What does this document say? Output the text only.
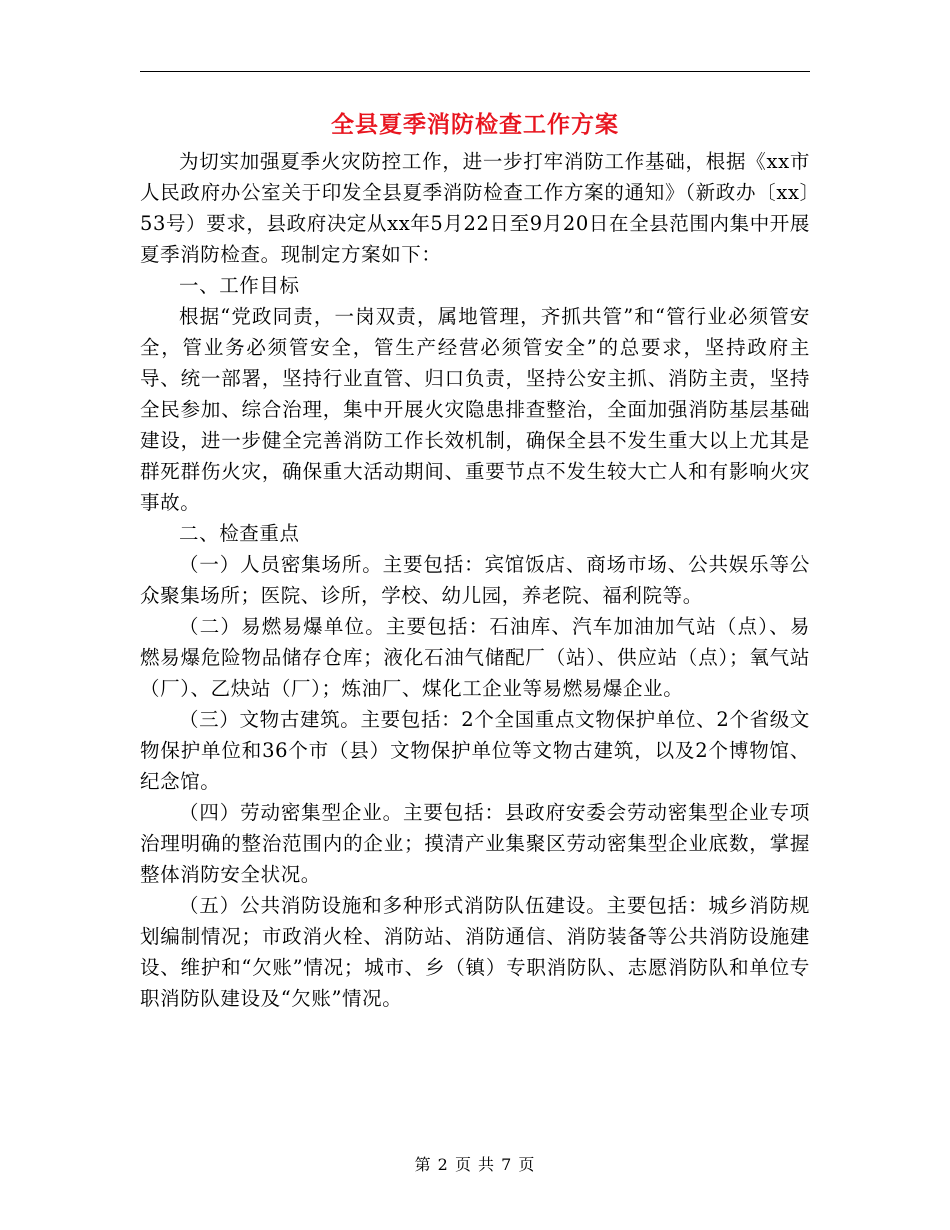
全县夏季消防检查工作方案

为切实加强夏季火灾防控工作，进一步打牢消防工作基础，根据《xx市人民政府办公室关于印发全县夏季消防检查工作方案的通知》（新政办〔xx〕53号）要求，县政府决定从xx年5月22日至9月20日在全县范围内集中开展夏季消防检查。现制定方案如下：

一、工作目标

根据“党政同责，一岗双责，属地管理，齐抓共管”和“管行业必须管安全，管业务必须管安全，管生产经营必须管安全”的总要求，坚持政府主导、统一部署，坚持行业直管、归口负责，坚持公安主抓、消防主责，坚持全民参加、综合治理，集中开展火灾隐患排查整治，全面加强消防基层基础建设，进一步健全完善消防工作长效机制，确保全县不发生重大以上尤其是群死群伤火灾，确保重大活动期间、重要节点不发生较大亡人和有影响火灾事故。

二、检查重点

（一）人员密集场所。主要包括：宾馆饭店、商场市场、公共娱乐等公众聚集场所；医院、诊所，学校、幼儿园，养老院、福利院等。

（二）易燃易爆单位。主要包括：石油库、汽车加油加气站（点）、易燃易爆危险物品储存仓库；液化石油气储配厂（站）、供应站（点）；氧气站（厂）、乙炔站（厂）；炼油厂、煤化工企业等易燃易爆企业。

（三）文物古建筑。主要包括：2个全国重点文物保护单位、2个省级文物保护单位和36个市（县）文物保护单位等文物古建筑，以及2个博物馆、纪念馆。

（四）劳动密集型企业。主要包括：县政府安委会劳动密集型企业专项治理明确的整治范围内的企业；摸清产业集聚区劳动密集型企业底数，掌握整体消防安全状况。

（五）公共消防设施和多种形式消防队伍建设。主要包括：城乡消防规划编制情况；市政消火栓、消防站、消防通信、消防装备等公共消防设施建设、维护和“欠账”情况；城市、乡（镇）专职消防队、志愿消防队和单位专职消防队建设及“欠账”情况。

第 2 页 共 7 页
